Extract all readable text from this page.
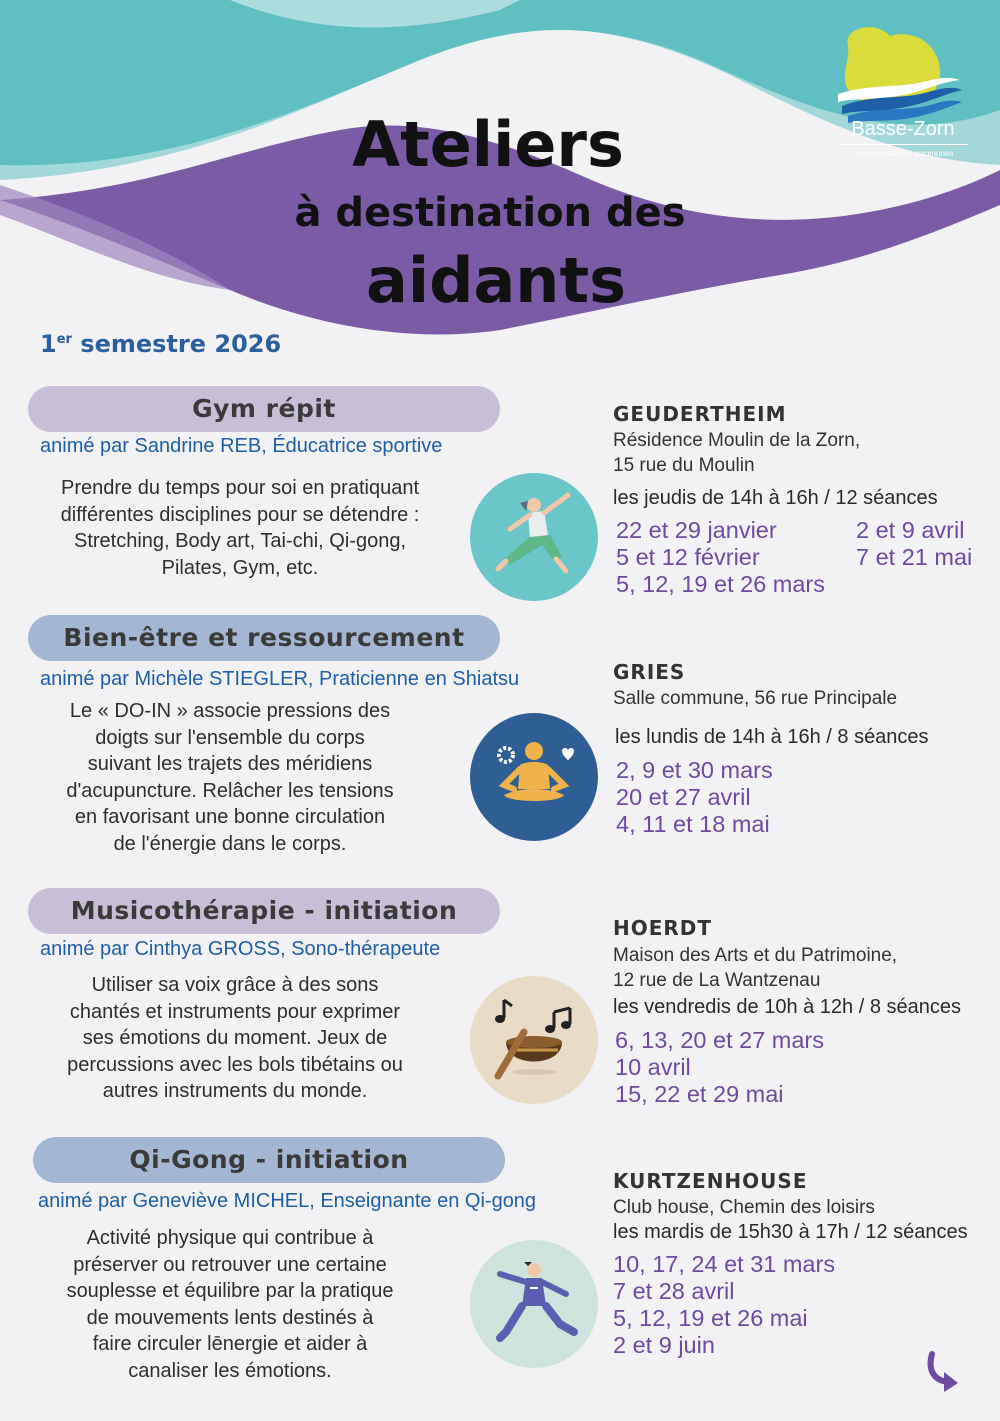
Basse-Zorn
Communauté de communes
Ateliers
à destination des
aidants
1er semestre 2026
Gym répit
animé par Sandrine REB, Éducatrice sportive
Prendre du temps pour soi en pratiquant
différentes disciplines pour se détendre :
Stretching, Body art, Tai-chi, Qi-gong,
Pilates, Gym, etc.
GEUDERTHEIM
Résidence Moulin de la Zorn,
15 rue du Moulin
les jeudis de 14h à 16h / 12 séances
22 et 29 janvier
5 et 12 février
5, 12, 19 et 26 mars
2 et 9 avril
7 et 21 mai
Bien-être et ressourcement
animé par Michèle STIEGLER, Praticienne en Shiatsu
Le « DO-IN » associe pressions des
doigts sur l'ensemble du corps
suivant les trajets des méridiens
d'acupuncture. Relâcher les tensions
en favorisant une bonne circulation
de l'énergie dans le corps.
GRIES
Salle commune, 56 rue Principale
les lundis de 14h à 16h / 8 séances
2, 9 et 30 mars
20 et 27 avril
4, 11 et 18 mai
Musicothérapie - initiation
animé par Cinthya GROSS, Sono-thérapeute
Utiliser sa voix grâce à des sons
chantés et instruments pour exprimer
ses émotions du moment. Jeux de
percussions avec les bols tibétains ou
autres instruments du monde.
HOERDT
Maison des Arts et du Patrimoine,
12 rue de La Wantzenau
les vendredis de 10h à 12h / 8 séances
6, 13, 20 et 27 mars
10 avril
15, 22 et 29 mai
Qi-Gong - initiation
animé par Geneviève MICHEL, Enseignante en Qi-gong
Activité physique qui contribue à
préserver ou retrouver une certaine
souplesse et équilibre par la pratique
de mouvements lents destinés à
faire circuler lēnergie et aider à
canaliser les émotions.
KURTZENHOUSE
Club house, Chemin des loisirs
les mardis de 15h30 à 17h / 12 séances
10, 17, 24 et 31 mars
7 et 28 avril
5, 12, 19 et 26 mai
2 et 9 juin
